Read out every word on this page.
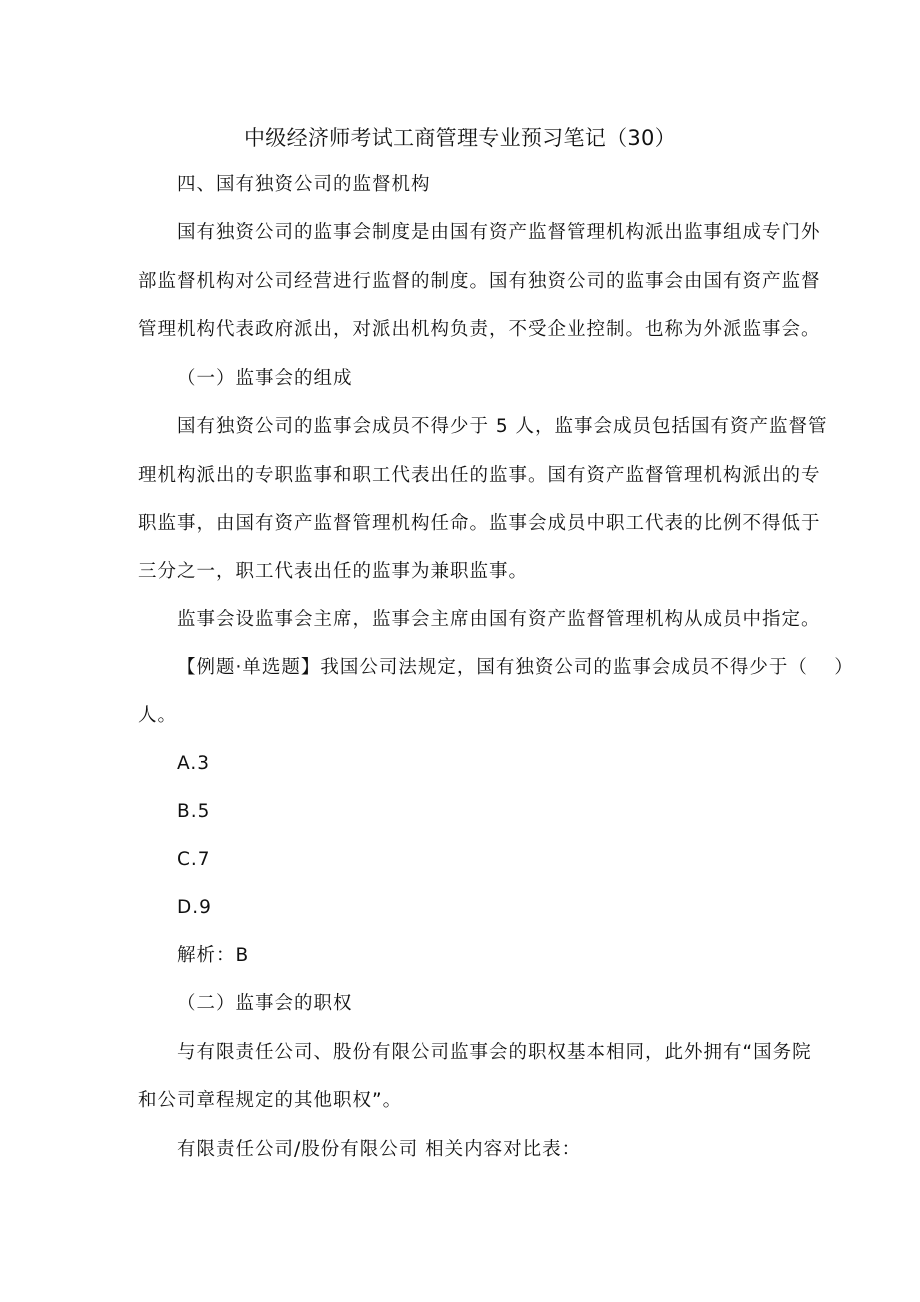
中级经济师考试工商管理专业预习笔记（30）
四、国有独资公司的监督机构
国有独资公司的监事会制度是由国有资产监督管理机构派出监事组成专门外
部监督机构对公司经营进行监督的制度。国有独资公司的监事会由国有资产监督
管理机构代表政府派出，对派出机构负责，不受企业控制。也称为外派监事会。
（一）监事会的组成
国有独资公司的监事会成员不得少于 5 人，监事会成员包括国有资产监督管
理机构派出的专职监事和职工代表出任的监事。国有资产监督管理机构派出的专
职监事，由国有资产监督管理机构任命。监事会成员中职工代表的比例不得低于
三分之一，职工代表出任的监事为兼职监事。
监事会设监事会主席，监事会主席由国有资产监督管理机构从成员中指定。
【例题·单选题】我国公司法规定，国有独资公司的监事会成员不得少于（　 ）
人。
A.3
B.5
C.7
D.9
解析：B
（二）监事会的职权
与有限责任公司、股份有限公司监事会的职权基本相同，此外拥有“国务院
和公司章程规定的其他职权”。
有限责任公司/股份有限公司 相关内容对比表：
